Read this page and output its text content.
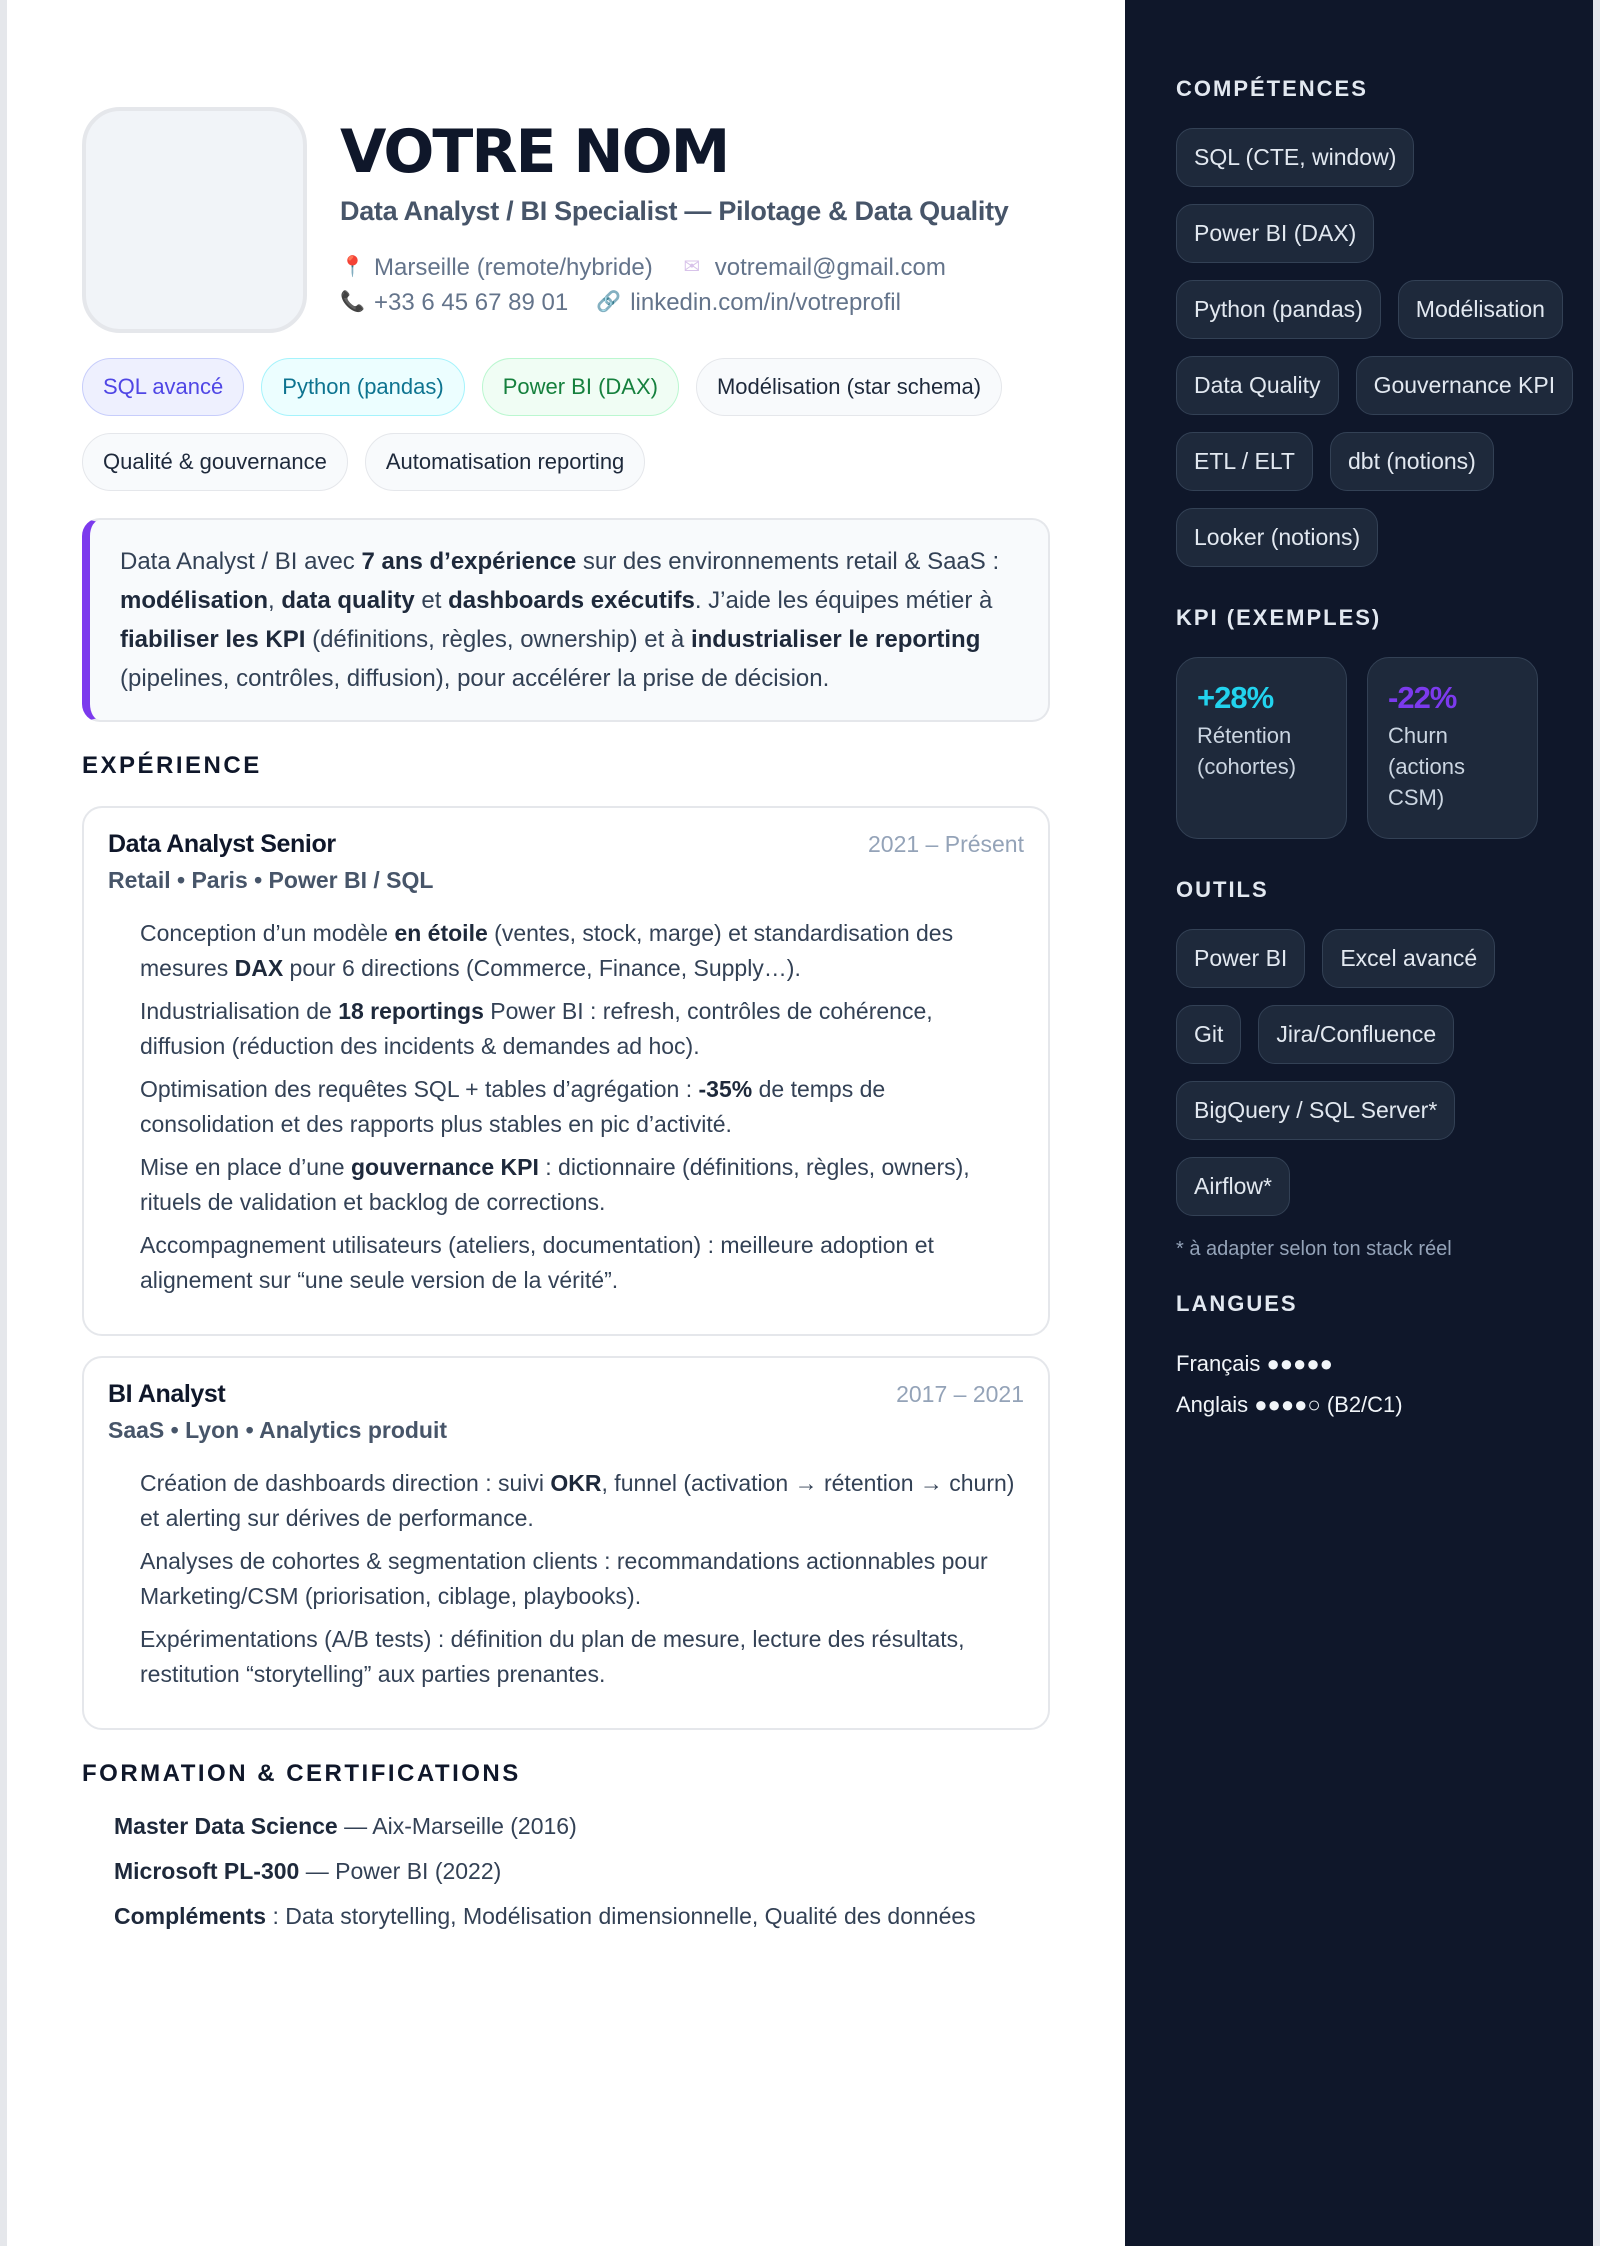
VOTRE NOM
Data Analyst / BI Specialist — Pilotage & Data Quality
📍 Marseille (remote/hybride) ✉ votremail@gmail.com
📞 +33 6 45 67 89 01 🔗 linkedin.com/in/votreprofil
SQL avancé	Python (pandas)	Power BI (DAX)	Modélisation (star schema)
Qualité & gouvernance	Automatisation reporting
Data Analyst / BI avec 7 ans d’expérience sur des environnements retail & SaaS : modélisation, data quality et dashboards exécutifs. J’aide les équipes métier à fiabiliser les KPI (définitions, règles, ownership) et à industrialiser le reporting (pipelines, contrôles, diffusion), pour accélérer la prise de décision.
EXPÉRIENCE
Data Analyst Senior	2021 – Présent
Retail • Paris • Power BI / SQL
Conception d’un modèle en étoile (ventes, stock, marge) et standardisation des mesures DAX pour 6 directions (Commerce, Finance, Supply…).
Industrialisation de 18 reportings Power BI : refresh, contrôles de cohérence, diffusion (réduction des incidents & demandes ad hoc).
Optimisation des requêtes SQL + tables d’agrégation : -35% de temps de consolidation et des rapports plus stables en pic d’activité.
Mise en place d’une gouvernance KPI : dictionnaire (définitions, règles, owners), rituels de validation et backlog de corrections.
Accompagnement utilisateurs (ateliers, documentation) : meilleure adoption et alignement sur “une seule version de la vérité”.
BI Analyst	2017 – 2021
SaaS • Lyon • Analytics produit
Création de dashboards direction : suivi OKR, funnel (activation → rétention → churn) et alerting sur dérives de performance.
Analyses de cohortes & segmentation clients : recommandations actionnables pour Marketing/CSM (priorisation, ciblage, playbooks).
Expérimentations (A/B tests) : définition du plan de mesure, lecture des résultats, restitution “storytelling” aux parties prenantes.
FORMATION & CERTIFICATIONS
Master Data Science — Aix-Marseille (2016)
Microsoft PL-300 — Power BI (2022)
Compléments : Data storytelling, Modélisation dimensionnelle, Qualité des données
COMPÉTENCES
SQL (CTE, window)
Power BI (DAX)
Python (pandas)	Modélisation
Data Quality	Gouvernance KPI
ETL / ELT	dbt (notions)
Looker (notions)
KPI (EXEMPLES)
+28%
Rétention (cohortes)
-22%
Churn (actions CSM)
OUTILS
Power BI	Excel avancé
Git	Jira/Confluence
BigQuery / SQL Server*
Airflow*
* à adapter selon ton stack réel
LANGUES
Français ●●●●●
Anglais ●●●●○ (B2/C1)
